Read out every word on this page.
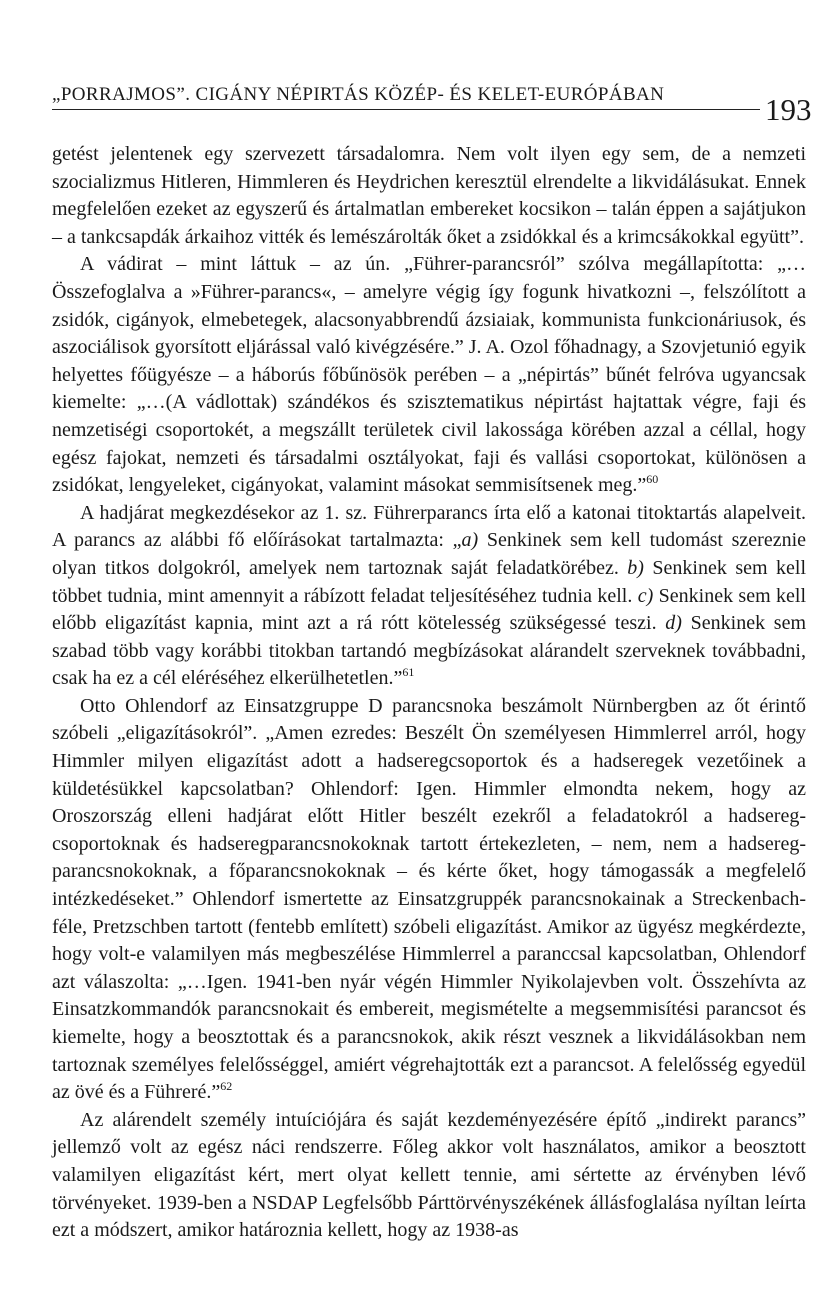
„PORRAJMOS”. CIGÁNY NÉPIRTÁS KÖZÉP- ÉS KELET-EURÓPÁBAN	193

getést jelentenek egy szervezett társadalomra. Nem volt ilyen egy sem, de a nemzeti szocializmus Hitleren, Himmleren és Heydrichen keresztül elrendelte a likvidálásukat. Ennek megfelelően ezeket az egyszerű és ártalmatlan embereket kocsikon – talán éppen a sajátjukon – a tankcsapdák árkaihoz vitték és lemészárolták őket a zsidókkal és a krimcsákokkal együtt”.

A vádirat – mint láttuk – az ún. „Führer-parancsról” szólva megállapította: „…Összefoglalva a »Führer-parancs«, – amelyre végig így fogunk hivatkozni –, felszólított a zsidók, cigányok, elmebetegek, alacsonyabbrendű ázsiaiak, kommunista funkcionáriusok, és aszociálisok gyorsított eljárással való kivégzésére.” J. A. Ozol főhadnagy, a Szovjetunió egyik helyettes főügyésze – a háborús főbűnösök perében – a „népirtás” bűnét felróva ugyancsak kiemelte: „…(A vádlottak) szándékos és szisztematikus népirtást hajtattak végre, faji és nemzetiségi csoportokét, a megszállt területek civil lakossága körében azzal a céllal, hogy egész fajokat, nemzeti és társadalmi osztályokat, faji és vallási csoportokat, különösen a zsidókat, lengyeleket, cigányokat, valamint másokat semmisítsenek meg.”$^{60}$

A hadjárat megkezdésekor az 1. sz. Führerparancs írta elő a katonai titoktartás alapelveit. A parancs az alábbi fő előírásokat tartalmazta: „a) Senkinek sem kell tudomást szereznie olyan titkos dolgokról, amelyek nem tartoznak saját feladatkörébez. b) Senkinek sem kell többet tudnia, mint amennyit a rábízott feladat teljesítéséhez tudnia kell. c) Senkinek sem kell előbb eligazítást kapnia, mint azt a rá rótt kötelesség szükségessé teszi. d) Senkinek sem szabad több vagy korábbi titokban tartandó megbízásokat alárandelt szerveknek továbbadni, csak ha ez a cél eléréséhez elkerülhetetlen.”$^{61}$

Otto Ohlendorf az Einsatzgruppe D parancsnoka beszámolt Nürnbergben az őt érintő szóbeli „eligazításokról”. „Amen ezredes: Beszélt Ön személyesen Himmlerrel arról, hogy Himmler milyen eligazítást adott a hadseregcsoportok és a hadseregek vezetőinek a küldetésükkel kapcsolatban? Ohlendorf: Igen. Himmler elmondta nekem, hogy az Oroszország elleni hadjárat előtt Hitler beszélt ezekről a feladatokról a hadsereg-csoportoknak és hadseregparancsnokoknak tartott értekezleten, – nem, nem a hadsereg-parancsnokoknak, a főparancsnokoknak – és kérte őket, hogy támogassák a megfelelő intézkedéseket.” Ohlendorf ismertette az Einsatzgruppék parancsnokainak a Streckenbach-féle, Pretzschben tartott (fentebb említett) szóbeli eligazítást. Amikor az ügyész megkérdezte, hogy volt-e valamilyen más megbeszélése Himmlerrel a paranccsal kapcsolatban, Ohlendorf azt válaszolta: „…Igen. 1941-ben nyár végén Himmler Nyikolajevben volt. Összehívta az Einsatzkommandók parancsnokait és embereit, megismételte a megsemmisítési parancsot és kiemelte, hogy a beosztottak és a parancsnokok, akik részt vesznek a likvidálásokban nem tartoznak személyes felelősséggel, amiért végrehajtották ezt a parancsot. A felelősség egyedül az övé és a Führeré.”$^{62}$

Az alárendelt személy intuíciójára és saját kezdeményezésére építő „indirekt parancs” jellemző volt az egész náci rendszerre. Főleg akkor volt használatos, amikor a beosztott valamilyen eligazítást kért, mert olyat kellett tennie, ami sértette az érvényben lévő törvényeket. 1939-ben a NSDAP Legfelsőbb Párttörvényszékének állásfoglalása nyíltan leírta ezt a módszert, amikor határoznia kellett, hogy az 1938-as
